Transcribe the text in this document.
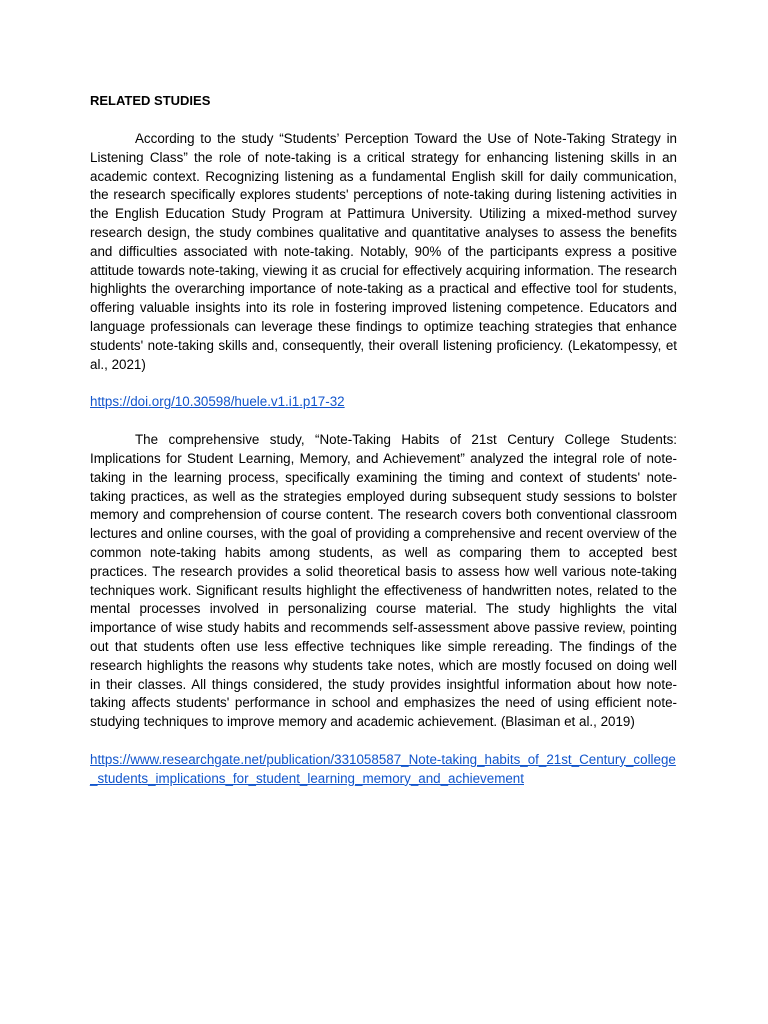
RELATED STUDIES

According to the study “Students’ Perception Toward the Use of Note-Taking Strategy in Listening Class” the role of note-taking is a critical strategy for enhancing listening skills in an academic context. Recognizing listening as a fundamental English skill for daily communication, the research specifically explores students' perceptions of note-taking during listening activities in the English Education Study Program at Pattimura University. Utilizing a mixed-method survey research design, the study combines qualitative and quantitative analyses to assess the benefits and difficulties associated with note-taking. Notably, 90% of the participants express a positive attitude towards note-taking, viewing it as crucial for effectively acquiring information. The research highlights the overarching importance of note-taking as a practical and effective tool for students, offering valuable insights into its role in fostering improved listening competence. Educators and language professionals can leverage these findings to optimize teaching strategies that enhance students' note-taking skills and, consequently, their overall listening proficiency. (Lekatompessy, et al., 2021)

https://doi.org/10.30598/huele.v1.i1.p17-32

The comprehensive study, “Note-Taking Habits of 21st Century College Students: Implications for Student Learning, Memory, and Achievement” analyzed the integral role of note-taking in the learning process, specifically examining the timing and context of students' note-taking practices, as well as the strategies employed during subsequent study sessions to bolster memory and comprehension of course content. The research covers both conventional classroom lectures and online courses, with the goal of providing a comprehensive and recent overview of the common note-taking habits among students, as well as comparing them to accepted best practices. The research provides a solid theoretical basis to assess how well various note-taking techniques work. Significant results highlight the effectiveness of handwritten notes, related to the mental processes involved in personalizing course material. The study highlights the vital importance of wise study habits and recommends self-assessment above passive review, pointing out that students often use less effective techniques like simple rereading. The findings of the research highlights the reasons why students take notes, which are mostly focused on doing well in their classes. All things considered, the study provides insightful information about how note-taking affects students' performance in school and emphasizes the need of using efficient note-studying techniques to improve memory and academic achievement. (Blasiman et al., 2019)

https://www.researchgate.net/publication/331058587_Note-taking_habits_of_21st_Century_college_students_implications_for_student_learning_memory_and_achievement
